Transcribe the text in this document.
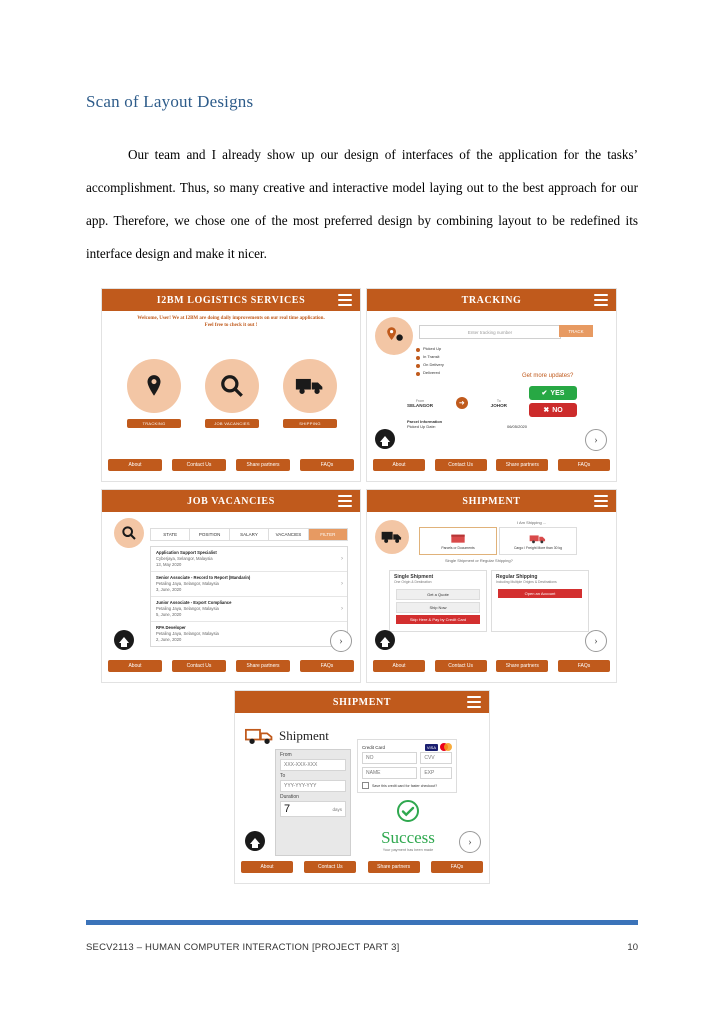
Scan of Layout Designs
Our team and I already show up our design of interfaces of the application for the tasks’ accomplishment. Thus, so many creative and interactive model laying out to the best approach for our app. Therefore, we chose one of the most preferred design by combining layout to be redefined its interface design and make it nicer.
I2BM LOGISTICS SERVICES
Welcome, User! We at I2BM are doing daily improvements on our real time application.
Feel free to check it out !
TRACKING	JOB VACANCIES	SHIPPING
About	Contact Us	Share partners	FAQs
TRACKING
Enter tracking number	TRACK
Picked Up
In Transit
On Delivery
Delivered
From
SELANGOR	➜	To
JOHOR
Parcel Information
Picked Up Date:	06/05/2020
Get more updates?
✔ YES
✖ NO
›
About	Contact Us	Share partners	FAQs
JOB VACANCIES
STATE	POSITION	SALARY	VACANCIES	FILTER
Application Support Specialist
Cyberjaya, Selangor, Malaysia
13, May 2020
›
Senior Associate - Record to Report (Mandarin)
Petaling Jaya, Selangor, Malaysia
3, June, 2020
›
Junior Associate - Export Compliance
Petaling Jaya, Selangor, Malaysia
5, June, 2020
›
RPA Developer
Petaling Jaya, Selangor, Malaysia
2, June, 2020	›
About	Contact Us	Share partners	FAQs
SHIPMENT
I Am Shipping ...
Parcels or Documents	Cargo / Freight More than 30 kg
Single Shipment or Regular Shipping?
Single Shipment
One Origin & Destination
Get a Quote
Ship Now
Skip Here & Pay by Credit Card
Regular Shipping
Including Multiple Origins & Destinations
Open an Account
›
About	Contact Us	Share partners	FAQs
SHIPMENT
Shipment
From
XXX-XXX-XXX
To
YYY-YYY-YYY
Duration
7	days
Credit Card	VISA
NO	CVV
NAME	EXP
Save this credit card for faster checkout?
Success
Your payment has been made
›
About	Contact Us	Share partners	FAQs
SECV2113 – HUMAN COMPUTER INTERACTION [PROJECT PART 3]	10
